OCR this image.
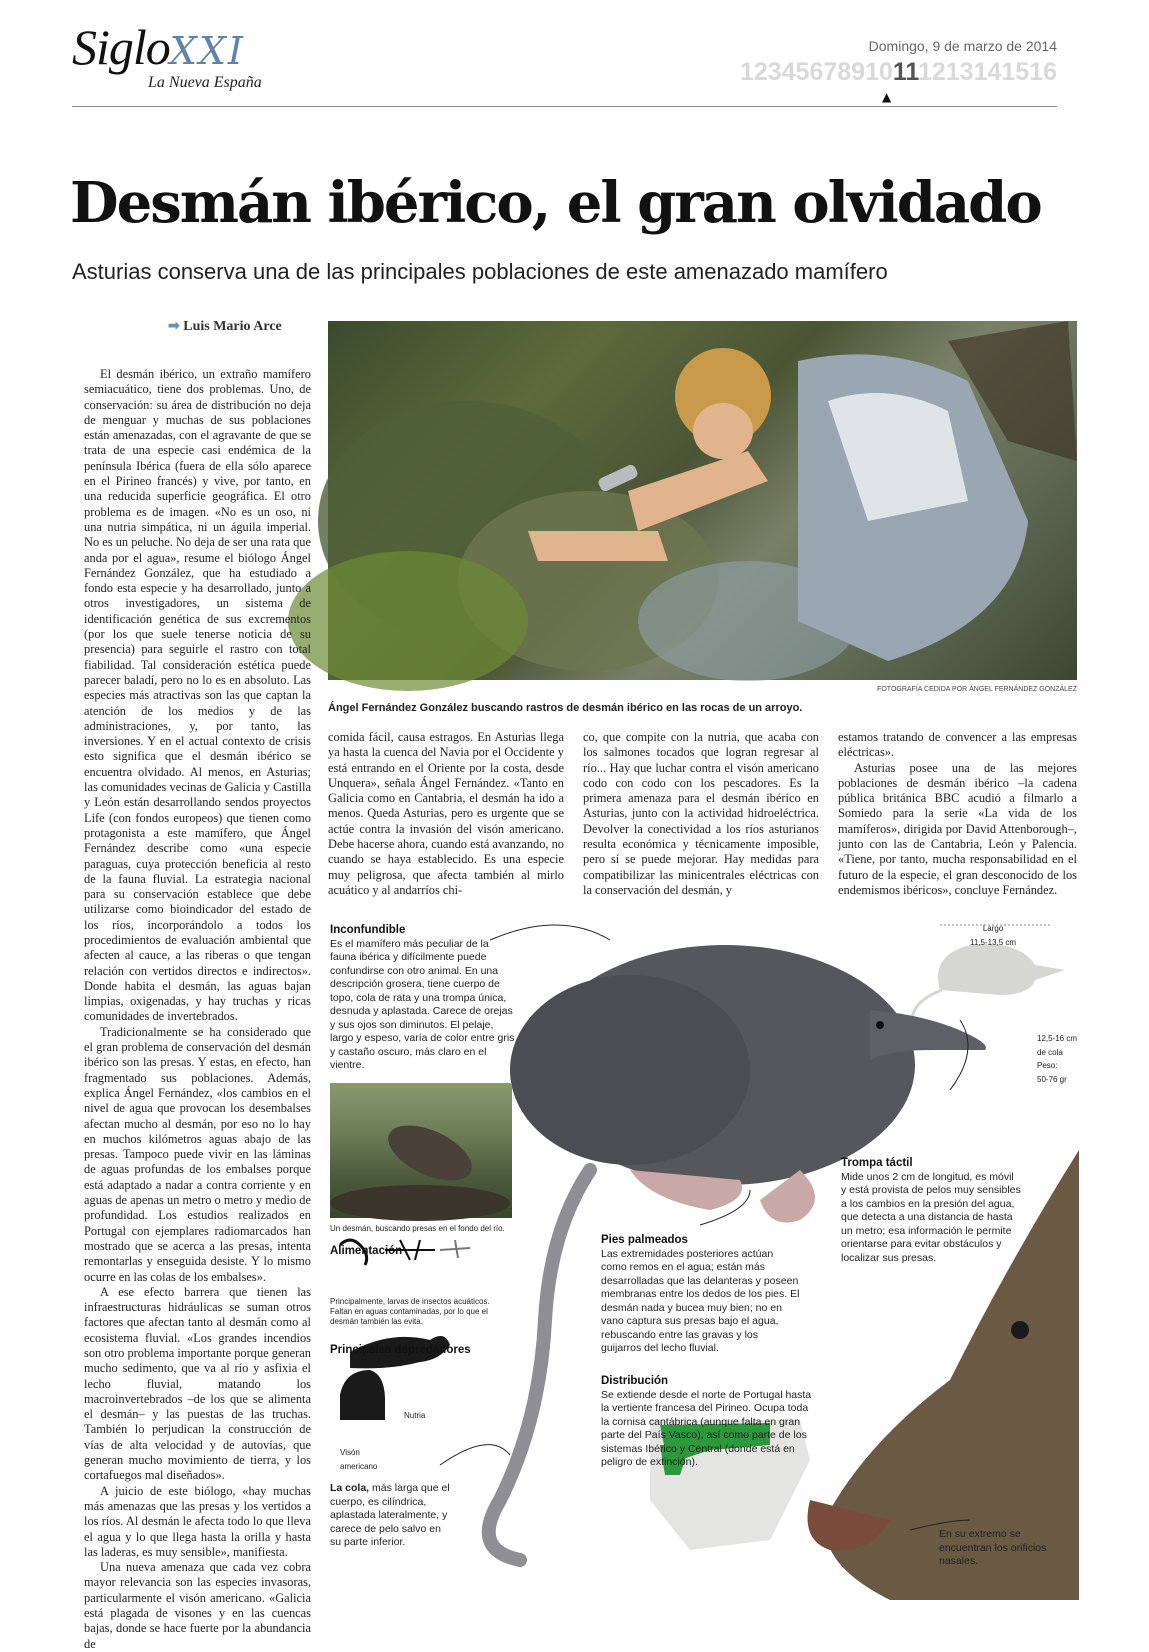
SigloXXI
La Nueva España
Domingo, 9 de marzo de 2014
12345678910111213141516
▲
Desmán ibérico, el gran olvidado
Asturias conserva una de las principales poblaciones de este amenazado mamífero
➡ Luis Mario Arce
FOTOGRAFÍA CEDIDA POR ÁNGEL FERNÁNDEZ GONZÁLEZ
Ángel Fernández González buscando rastros de desmán ibérico en las rocas de un arroyo.

El desmán ibérico, un extraño mamífero semiacuático, tiene dos problemas. Uno, de conservación: su área de distribución no deja de menguar y muchas de sus poblaciones están amenazadas, con el agravante de que se trata de una especie casi endémica de la península Ibérica (fuera de ella sólo aparece en el Pirineo francés) y vive, por tanto, en una reducida superficie geográfica. El otro problema es de imagen. «No es un oso, ni una nutria simpática, ni un águila imperial. No es un peluche. No deja de ser una rata que anda por el agua», resume el biólogo Ángel Fernández González, que ha estudiado a fondo esta especie y ha desarrollado, junto a otros investigadores, un sistema de identificación genética de sus excrementos (por los que suele tenerse noticia de su presencia) para seguirle el rastro con total fiabilidad. Tal consideración estética puede parecer baladí, pero no lo es en absoluto. Las especies más atractivas son las que captan la atención de los medios y de las administraciones, y, por tanto, las inversiones. Y en el actual contexto de crisis esto significa que el desmán ibérico se encuentra olvidado. Al menos, en Asturias; las comunidades vecinas de Galicia y Castilla y León están desarrollando sendos proyectos Life (con fondos europeos) que tienen como protagonista a este mamífero, que Ángel Fernández describe como «una especie paraguas, cuya protección beneficia al resto de la fauna fluvial. La estrategia nacional para su conservación establece que debe utilizarse como bioindicador del estado de los ríos, incorporándolo a todos los procedimientos de evaluación ambiental que afecten al cauce, a las riberas o que tengan relación con vertidos directos e indirectos». Donde habita el desmán, las aguas bajan limpias, oxigenadas, y hay truchas y ricas comunidades de invertebrados.

Tradicionalmente se ha considerado que el gran problema de conservación del desmán ibérico son las presas. Y estas, en efecto, han fragmentado sus poblaciones. Además, explica Ángel Fernández, «los cambios en el nivel de agua que provocan los desembalses afectan mucho al desmán, por eso no lo hay en muchos kilómetros aguas abajo de las presas. Tampoco puede vivir en las láminas de aguas profundas de los embalses porque está adaptado a nadar a contra corriente y en aguas de apenas un metro o metro y medio de profundidad. Los estudios realizados en Portugal con ejemplares radiomarcados han mostrado que se acerca a las presas, intenta remontarlas y enseguida desiste. Y lo mismo ocurre en las colas de los embalses».

A ese efecto barrera que tienen las infraestructuras hidráulicas se suman otros factores que afectan tanto al desmán como al ecosistema fluvial. «Los grandes incendios son otro problema importante porque generan mucho sedimento, que va al río y asfixia el lecho fluvial, matando los macroinvertebrados –de los que se alimenta el desmán– y las puestas de las truchas. También lo perjudican la construcción de vías de alta velocidad y de autovías, que generan mucho movimiento de tierra, y los cortafuegos mal diseñados».

A juicio de este biólogo, «hay muchas más amenazas que las presas y los vertidos a los ríos. Al desmán le afecta todo lo que lleva el agua y lo que llega hasta la orilla y hasta las laderas, es muy sensible», manifiesta.

Una nueva amenaza que cada vez cobra mayor relevancia son las especies invasoras, particularmente el visón americano. «Galicia está plagada de visones y en las cuencas bajas, donde se hace fuerte por la abundancia de

comida fácil, causa estragos. En Asturias llega ya hasta la cuenca del Navia por el Occidente y está entrando en el Oriente por la costa, desde Unquera», señala Ángel Fernández. «Tanto en Galicia como en Cantabria, el desmán ha ido a menos. Queda Asturias, pero es urgente que se actúe contra la invasión del visón americano. Debe hacerse ahora, cuando está avanzando, no cuando se haya establecido. Es una especie muy peligrosa, que afecta también al mirlo acuático y al andarríos chi-

co, que compite con la nutria, que acaba con los salmones tocados que logran regresar al río... Hay que luchar contra el visón americano codo con codo con los pescadores. Es la primera amenaza para el desmán ibérico en Asturias, junto con la actividad hidroeléctrica. Devolver la conectividad a los ríos asturianos resulta económica y técnicamente imposible, pero sí se puede mejorar. Hay medidas para compatibilizar las minicentrales eléctricas con la conservación del desmán, y

estamos tratando de convencer a las empresas eléctricas».

Asturias posee una de las mejores poblaciones de desmán ibérico –la cadena pública británica BBC acudió a filmarlo a Somiedo para la serie «La vida de los mamíferos», dirigida por David Attenborough–, junto con las de Cantabria, León y Palencia. «Tiene, por tanto, mucha responsabilidad en el futuro de la especie, el gran desconocido de los endemismos ibéricos», concluye Fernández.

Inconfundible
Es el mamífero más peculiar de la fauna ibérica y difícilmente puede confundirse con otro animal. En una descripción grosera, tiene cuerpo de topo, cola de rata y una trompa única, desnuda y aplastada. Carece de orejas y sus ojos son diminutos. El pelaje, largo y espeso, varía de color entre gris y castaño oscuro, más claro en el vientre.
Un desmán, buscando presas en el fondo del río.
Alimentación
Principalmente, larvas de insectos acuáticos. Faltan en aguas contaminadas, por lo que el desmán también las evita.
Principales depredadores
Nutria
Visón americano
La cola, más larga que el cuerpo, es cilíndrica, aplastada lateralmente, y carece de pelo salvo en su parte inferior.
Largo
11,5-13,5 cm
12,5-16 cm de cola
Peso:
50-76 gr
Pies palmeados
Las extremidades posteriores actúan como remos en el agua; están más desarrolladas que las delanteras y poseen membranas entre los dedos de los pies. El desmán nada y bucea muy bien; no en vano captura sus presas bajo el agua, rebuscando entre las gravas y los guijarros del lecho fluvial.
Trompa táctil
Mide unos 2 cm de longitud, es móvil y está provista de pelos muy sensibles a los cambios en la presión del agua, que detecta a una distancia de hasta un metro; esa información le permite orientarse para evitar obstáculos y localizar sus presas.
Distribución
Se extiende desde el norte de Portugal hasta la vertiente francesa del Pirineo. Ocupa toda la cornisa cantábrica (aunque falta en gran parte del País Vasco), así como parte de los sistemas Ibérico y Central (donde está en peligro de extinción).
En su extremo se encuentran los orificios nasales.
